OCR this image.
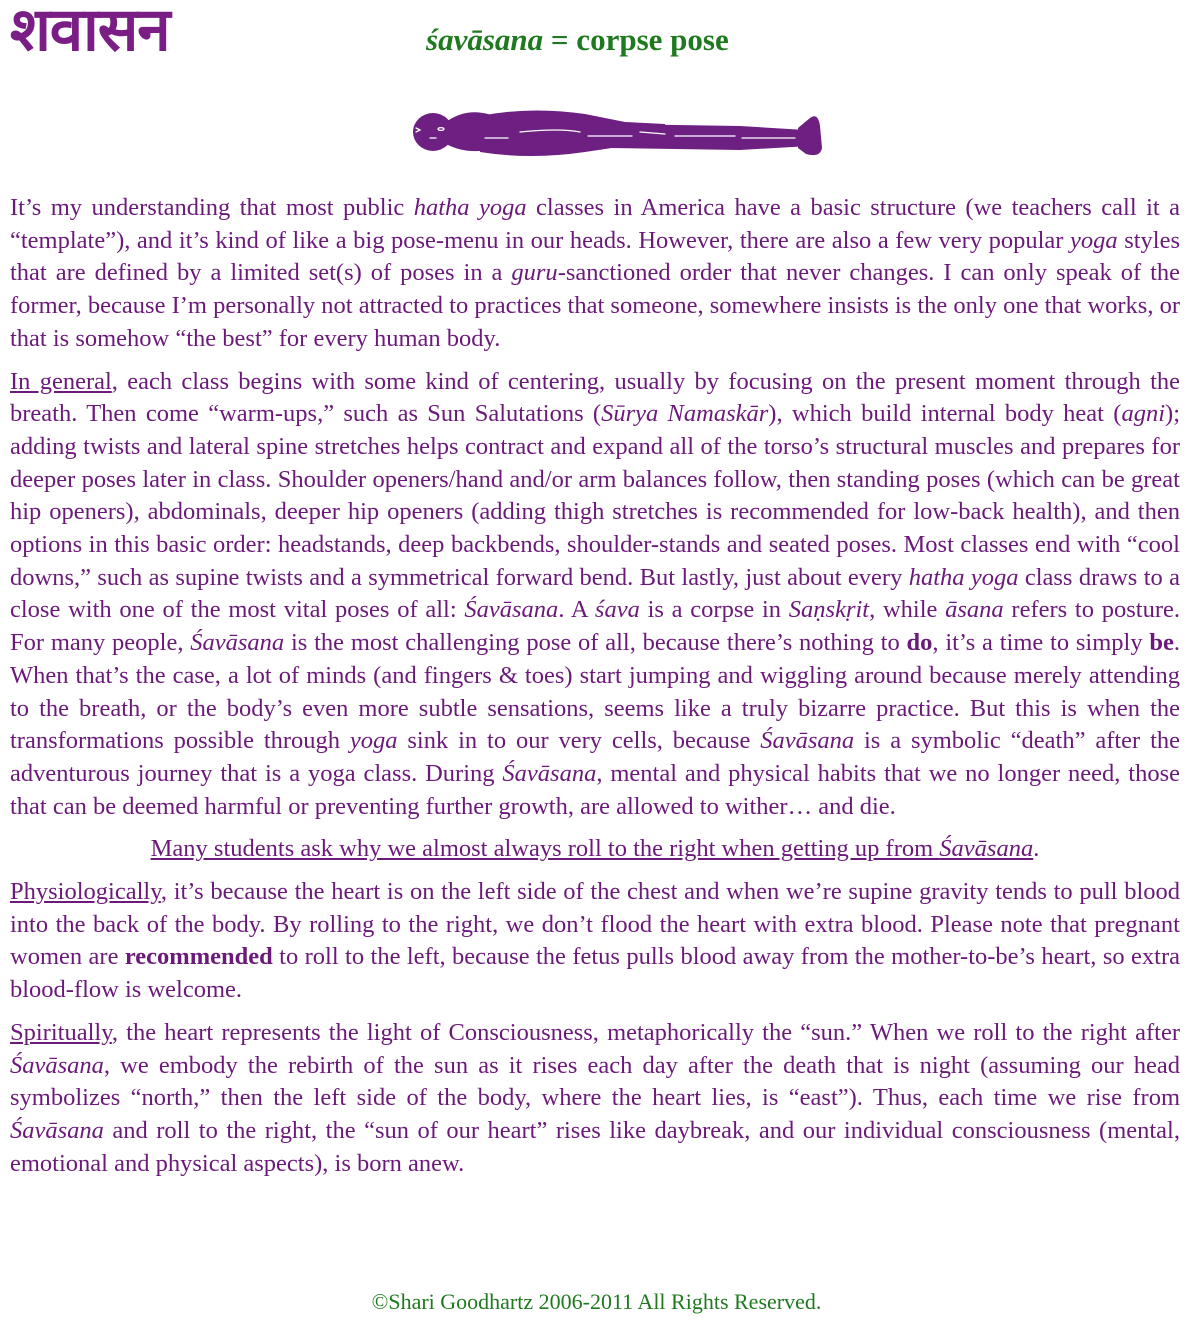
शवासन	śavāsana = corpse pose

It’s my understanding that most public hatha yoga classes in America have a basic structure (we teachers call it a “template”), and it’s kind of like a big pose-menu in our heads. However, there are also a few very popular yoga styles that are defined by a limited set(s) of poses in a guru-sanctioned order that never changes. I can only speak of the former, because I’m personally not attracted to practices that someone, somewhere insists is the only one that works, or that is somehow “the best” for every human body.

In general, each class begins with some kind of centering, usually by focusing on the present moment through the breath. Then come “warm-ups,” such as Sun Salutations (Sūrya Namaskār), which build internal body heat (agni); adding twists and lateral spine stretches helps contract and expand all of the torso’s structural muscles and prepares for deeper poses later in class. Shoulder openers/hand and/or arm balances follow, then standing poses (which can be great hip openers), abdominals, deeper hip openers (adding thigh stretches is recommended for low-back health), and then options in this basic order: headstands, deep backbends, shoulder-stands and seated poses. Most classes end with “cool downs,” such as supine twists and a symmetrical forward bend. But lastly, just about every hatha yoga class draws to a close with one of the most vital poses of all: Śavāsana. A śava is a corpse in Saṇskṛit, while āsana refers to posture. For many people, Śavāsana is the most challenging pose of all, because there’s nothing to do, it’s a time to simply be. When that’s the case, a lot of minds (and fingers & toes) start jumping and wiggling around because merely attending to the breath, or the body’s even more subtle sensations, seems like a truly bizarre practice. But this is when the transformations possible through yoga sink in to our very cells, because Śavāsana is a symbolic “death” after the adventurous journey that is a yoga class. During Śavāsana, mental and physical habits that we no longer need, those that can be deemed harmful or preventing further growth, are allowed to wither… and die.

Many students ask why we almost always roll to the right when getting up from Śavāsana.

Physiologically, it’s because the heart is on the left side of the chest and when we’re supine gravity tends to pull blood into the back of the body. By rolling to the right, we don’t flood the heart with extra blood. Please note that pregnant women are recommended to roll to the left, because the fetus pulls blood away from the mother-to-be’s heart, so extra blood-flow is welcome.

Spiritually, the heart represents the light of Consciousness, metaphorically the “sun.” When we roll to the right after Śavāsana, we embody the rebirth of the sun as it rises each day after the death that is night (assuming our head symbolizes “north,” then the left side of the body, where the heart lies, is “east”). Thus, each time we rise from Śavāsana and roll to the right, the “sun of our heart” rises like daybreak, and our individual consciousness (mental, emotional and physical aspects), is born anew.

©Shari Goodhartz 2006-2011 All Rights Reserved.
